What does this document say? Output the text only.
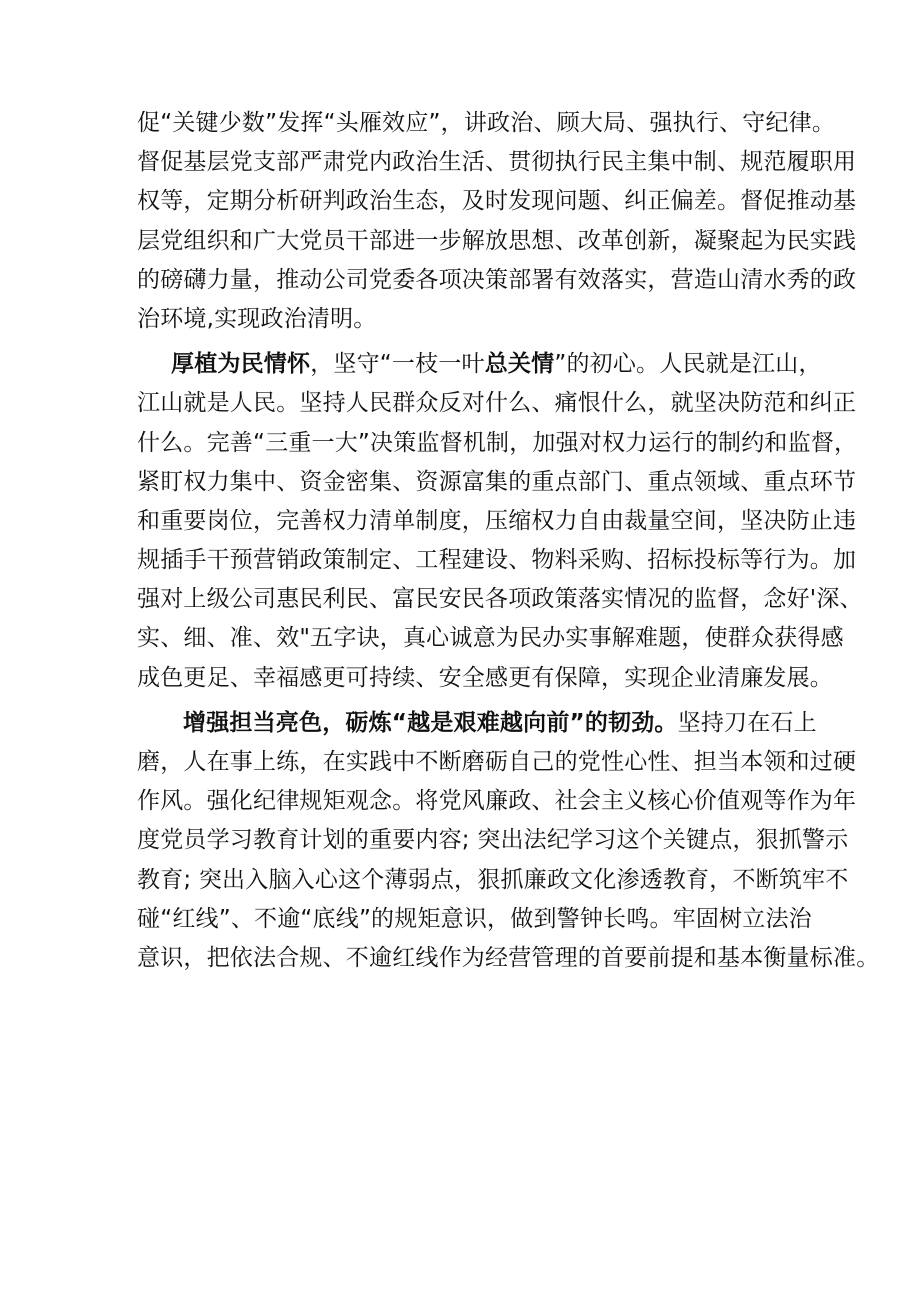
促“关键少数”发挥“头雁效应”，讲政治、顾大局、强执行、守纪律。
督促基层党支部严肃党内政治生活、贯彻执行民主集中制、规范履职用
权等，定期分析研判政治生态，及时发现问题、纠正偏差。督促推动基
层党组织和广大党员干部进一步解放思想、改革创新，凝聚起为民实践
的磅礴力量，推动公司党委各项决策部署有效落实，营造山清水秀的政
治环境,实现政治清明。
厚植为民情怀，坚守“一枝一叶总关情”的初心。人民就是江山，
江山就是人民。坚持人民群众反对什么、痛恨什么，就坚决防范和纠正
什么。完善“三重一大”决策监督机制，加强对权力运行的制约和监督，
紧盯权力集中、资金密集、资源富集的重点部门、重点领域、重点环节
和重要岗位，完善权力清单制度，压缩权力自由裁量空间，坚决防止违
规插手干预营销政策制定、工程建设、物料采购、招标投标等行为。加
强对上级公司惠民利民、富民安民各项政策落实情况的监督，念好'深、
实、细、准、效"五字诀，真心诚意为民办实事解难题，使群众获得感
成色更足、幸福感更可持续、安全感更有保障，实现企业清廉发展。
增强担当亮色，砺炼“越是艰难越向前”的韧劲。坚持刀在石上
磨，人在事上练，在实践中不断磨砺自己的党性心性、担当本领和过硬
作风。强化纪律规矩观念。将党风廉政、社会主义核心价值观等作为年
度党员学习教育计划的重要内容; 突出法纪学习这个关键点，狠抓警示
教育; 突出入脑入心这个薄弱点，狠抓廉政文化渗透教育，不断筑牢不
碰“红线”、不逾“底线”的规矩意识，做到警钟长鸣。牢固树立法治
意识，把依法合规、不逾红线作为经营管理的首要前提和基本衡量标准。
